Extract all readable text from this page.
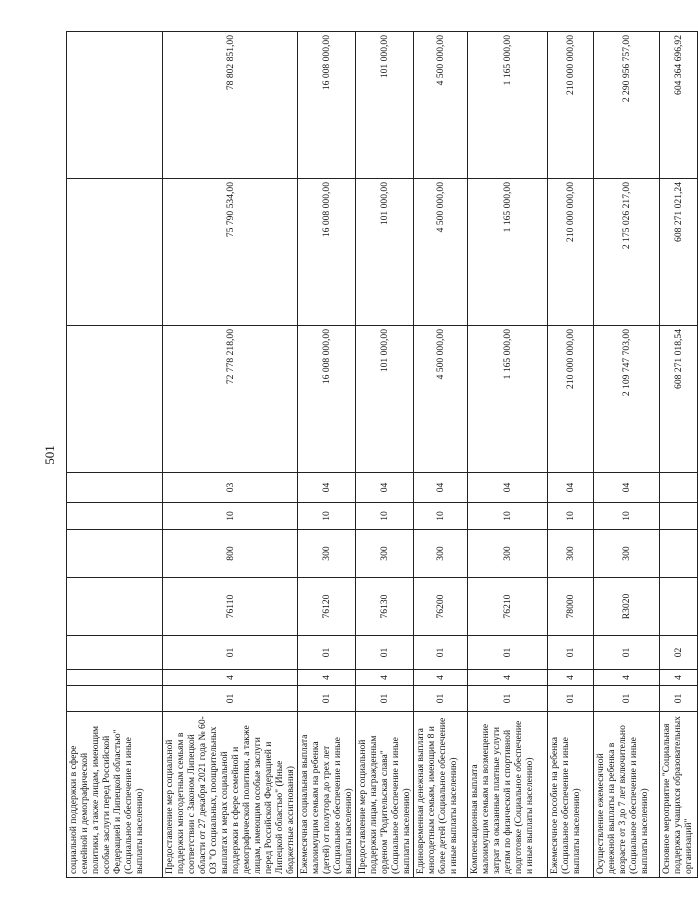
501
социальной поддержки в сфере семейной и демографической политики, а также лицам, имеющим особые заслуги перед Российской Федерацией и Липецкой областью" (Социальное обеспечение и иные выплаты населению)										
Предоставление мер социальной поддержки многодетным семьям в соответствии с Законом Липецкой области от 27 декабря 2021 года № 60-ОЗ "О социальных, поощрительных выплатах и мерах социальной поддержки в сфере семейной и демографической политики, а также лицам, имеющим особые заслуги перед Российской Федерацией и Липецкой областью" (Иные бюджетные ассигнования)	01	4	01	76110	800	10	03	72 778 218,00	75 790 534,00	78 802 851,00
Ежемесячная социальная выплата малоимущим семьям на ребенка (детей) от полутора до трех лет (Социальное обеспечение и иные выплаты населению)	01	4	01	76120	300	10	04	16 008 000,00	16 008 000,00	16 008 000,00
Предоставление мер социальной поддержки лицам, награжденным орденом "Родительская слава" (Социальное обеспечение и иные выплаты населению)	01	4	01	76130	300	10	04	101 000,00	101 000,00	101 000,00
Единовременная денежная выплата многодетным семьям, имеющим 8 и более детей (Социальное обеспечение и иные выплаты населению)	01	4	01	76200	300	10	04	4 500 000,00	4 500 000,00	4 500 000,00
Компенсационная выплата малоимущим семьям на возмещение затрат за оказанные платные услуги детям по физической и спортивной подготовке (Социальное обеспечение и иные выплаты населению)	01	4	01	76210	300	10	04	1 165 000,00	1 165 000,00	1 165 000,00
Ежемесячное пособие на ребенка (Социальное обеспечение и иные выплаты населению)	01	4	01	78000	300	10	04	210 000 000,00	210 000 000,00	210 000 000,00
Осуществление ежемесячной денежной выплаты на ребенка в возрасте от 3 до 7 лет включительно (Социальное обеспечение и иные выплаты населению)	01	4	01	R3020	300	10	04	2 109 747 703,00	2 175 026 217,00	2 290 956 757,00
Основное мероприятие "Социальная поддержка учащихся образовательных организаций"	01	4	02					608 271 018,54	608 271 021,24	604 364 696,92
